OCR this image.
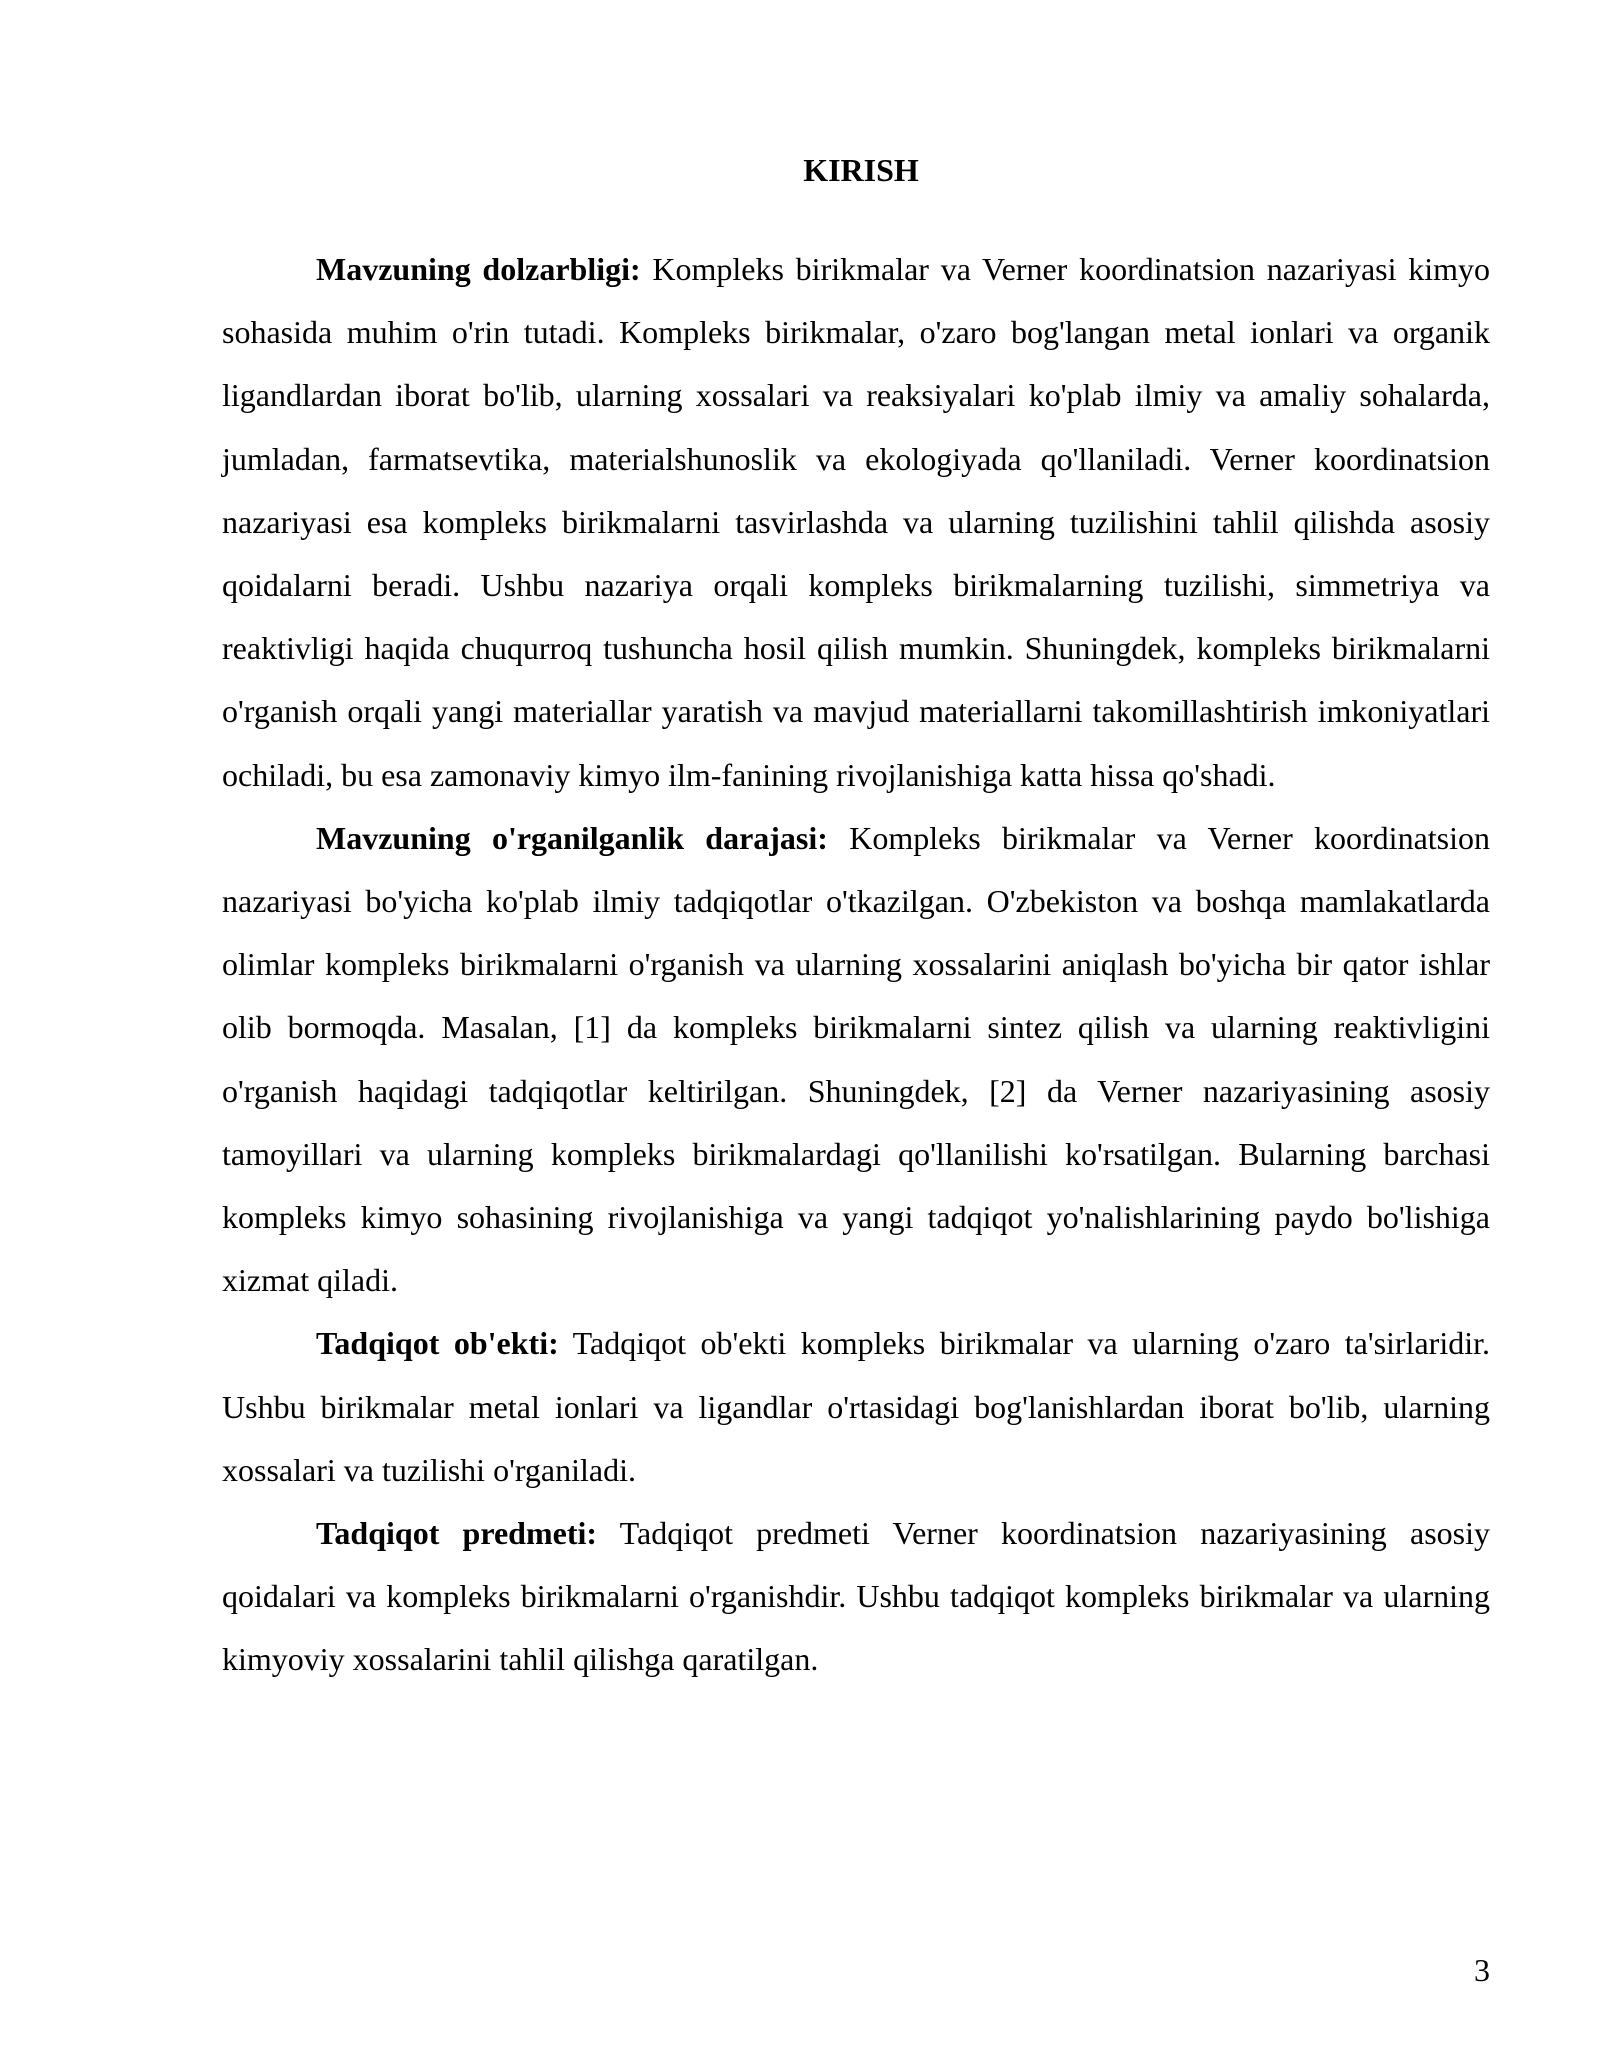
KIRISH

Mavzuning dolzarbligi: Kompleks birikmalar va Verner koordinatsion nazariyasi kimyo sohasida muhim o'rin tutadi. Kompleks birikmalar, o'zaro bog'langan metal ionlari va organik ligandlardan iborat bo'lib, ularning xossalari va reaksiyalari ko'plab ilmiy va amaliy sohalarda, jumladan, farmatsevtika, materialshunoslik va ekologiyada qo'llaniladi. Verner koordinatsion nazariyasi esa kompleks birikmalarni tasvirlashda va ularning tuzilishini tahlil qilishda asosiy qoidalarni beradi. Ushbu nazariya orqali kompleks birikmalarning tuzilishi, simmetriya va reaktivligi haqida chuqurroq tushuncha hosil qilish mumkin. Shuningdek, kompleks birikmalarni o'rganish orqali yangi materiallar yaratish va mavjud materiallarni takomillashtirish imkoniyatlari ochiladi, bu esa zamonaviy kimyo ilm-fanining rivojlanishiga katta hissa qo'shadi.

Mavzuning o'rganilganlik darajasi: Kompleks birikmalar va Verner koordinatsion nazariyasi bo'yicha ko'plab ilmiy tadqiqotlar o'tkazilgan. O'zbekiston va boshqa mamlakatlarda olimlar kompleks birikmalarni o'rganish va ularning xossalarini aniqlash bo'yicha bir qator ishlar olib bormoqda. Masalan, [1] da kompleks birikmalarni sintez qilish va ularning reaktivligini o'rganish haqidagi tadqiqotlar keltirilgan. Shuningdek, [2] da Verner nazariyasining asosiy tamoyillari va ularning kompleks birikmalardagi qo'llanilishi ko'rsatilgan. Bularning barchasi kompleks kimyo sohasining rivojlanishiga va yangi tadqiqot yo'nalishlarining paydo bo'lishiga xizmat qiladi.

Tadqiqot ob'ekti: Tadqiqot ob'ekti kompleks birikmalar va ularning o'zaro ta'sirlaridir. Ushbu birikmalar metal ionlari va ligandlar o'rtasidagi bog'lanishlardan iborat bo'lib, ularning xossalari va tuzilishi o'rganiladi.

Tadqiqot predmeti: Tadqiqot predmeti Verner koordinatsion nazariyasining asosiy qoidalari va kompleks birikmalarni o'rganishdir. Ushbu tadqiqot kompleks birikmalar va ularning kimyoviy xossalarini tahlil qilishga qaratilgan.

3
